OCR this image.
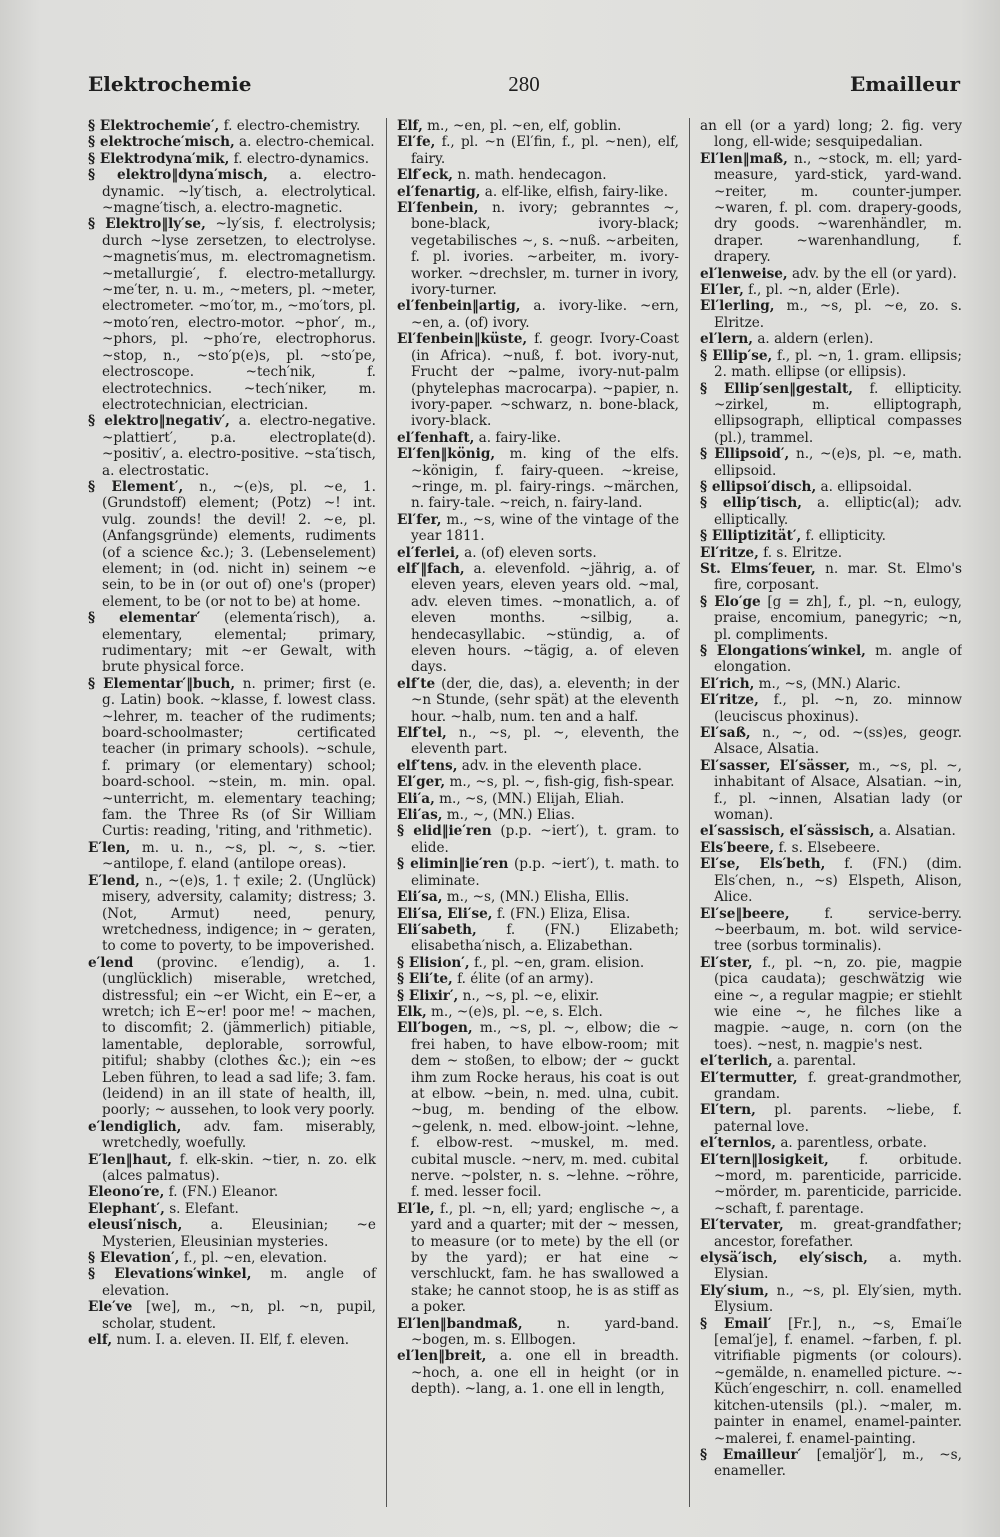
Elektrochemie	280	Emailleur

§ Elektrochemie′, f. electro-chemistry.

§ elektroche′misch, a. electro-chemical.

§ Elektrodyna′mik, f. electro-dynamics.

§ elektro‖dyna′misch, a. electro-dynamic. ~ly′tisch, a. electrolytical. ~magne′tisch, a. electro-magnetic.

§ Elektro‖ly′se, ~ly′sis, f. electrolysis; durch ~lyse zersetzen, to electrolyse. ~magnetis′mus, m. electromagnetism. ~metallurgie′, f. electro-metallurgy. ~me′ter, n. u. m., ~meters, pl. ~meter, electrometer. ~mo′tor, m., ~mo′tors, pl. ~moto′ren, electro-motor. ~phor′, m., ~phors, pl. ~pho′re, electrophorus. ~stop, n., ~sto′p(e)s, pl. ~sto′pe, electroscope. ~tech′nik, f. electrotechnics. ~tech′niker, m. electrotechnician, electrician.

§ elektro‖negativ′, a. electro-negative. ~plattiert′, p.a. electroplate(d). ~positiv′, a. electro-positive. ~sta′tisch, a. electrostatic.

§ Element′, n., ~(e)s, pl. ~e, 1. (Grundstoff) element; (Potz) ~! int. vulg. zounds! the devil! 2. ~e, pl. (Anfangsgründe) elements, rudiments (of a science &c.); 3. (Lebenselement) element; in (od. nicht in) seinem ~e sein, to be in (or out of) one's (proper) element, to be (or not to be) at home.

§ elementar′ (elementa′risch), a. elementary, elemental; primary, rudimentary; mit ~er Gewalt, with brute physical force.

§ Elementar′‖buch, n. primer; first (e. g. Latin) book. ~klasse, f. lowest class. ~lehrer, m. teacher of the rudiments; board-schoolmaster; certificated teacher (in primary schools). ~schule, f. primary (or elementary) school; board-school. ~stein, m. min. opal. ~unterricht, m. elementary teaching; fam. the Three Rs (of Sir William Curtis: reading, 'riting, and 'rithmetic).

E′len, m. u. n., ~s, pl. ~, s. ~tier. ~antilope, f. eland (antilope oreas).

E′lend, n., ~(e)s, 1. † exile; 2. (Unglück) misery, adversity, calamity; distress; 3. (Not, Armut) need, penury, wretchedness, indigence; in ~ geraten, to come to poverty, to be impoverished.

e′lend (provinc. e′lendig), a. 1. (unglücklich) miserable, wretched, distressful; ein ~er Wicht, ein E~er, a wretch; ich E~er! poor me! ~ machen, to discomfit; 2. (jämmerlich) pitiable, lamentable, deplorable, sorrowful, pitiful; shabby (clothes &c.); ein ~es Leben führen, to lead a sad life; 3. fam. (leidend) in an ill state of health, ill, poorly; ~ aussehen, to look very poorly.

e′lendiglich, adv. fam. miserably, wretchedly, woefully.

E′len‖haut, f. elk-skin. ~tier, n. zo. elk (alces palmatus).

Eleono′re, f. (FN.) Eleanor.

Elephant′, s. Elefant.

eleusi′nisch, a. Eleusinian; ~e Mysterien, Eleusinian mysteries.

§ Elevation′, f., pl. ~en, elevation.

§ Elevations′winkel, m. angle of elevation.

Ele′ve [we], m., ~n, pl. ~n, pupil, scholar, student.

elf, num. I. a. eleven. II. Elf, f. eleven.

Elf, m., ~en, pl. ~en, elf, goblin.

El′fe, f., pl. ~n (El′fin, f., pl. ~nen), elf, fairy.

Elf′eck, n. math. hendecagon.

el′fenartig, a. elf-like, elfish, fairy-like.

El′fenbein, n. ivory; gebranntes ~, bone-black, ivory-black; vegetabilisches ~, s. ~nuß. ~arbeiten, f. pl. ivories. ~arbeiter, m. ivory-worker. ~drechsler, m. turner in ivory, ivory-turner.

el′fenbein‖artig, a. ivory-like. ~ern, ~en, a. (of) ivory.

El′fenbein‖küste, f. geogr. Ivory-Coast (in Africa). ~nuß, f. bot. ivory-nut, Frucht der ~palme, ivory-nut-palm (phytelephas macrocarpa). ~papier, n. ivory-paper. ~schwarz, n. bone-black, ivory-black.

el′fenhaft, a. fairy-like.

El′fen‖könig, m. king of the elfs. ~königin, f. fairy-queen. ~kreise, ~ringe, m. pl. fairy-rings. ~märchen, n. fairy-tale. ~reich, n. fairy-land.

El′fer, m., ~s, wine of the vintage of the year 1811.

el′ferlei, a. (of) eleven sorts.

elf′‖fach, a. elevenfold. ~jährig, a. of eleven years, eleven years old. ~mal, adv. eleven times. ~monatlich, a. of eleven months. ~silbig, a. hendecasyllabic. ~stündig, a. of eleven hours. ~tägig, a. of eleven days.

elf′te (der, die, das), a. eleventh; in der ~n Stunde, (sehr spät) at the eleventh hour. ~halb, num. ten and a half.

Elf′tel, n., ~s, pl. ~, eleventh, the eleventh part.

elf′tens, adv. in the eleventh place.

El′ger, m., ~s, pl. ~, fish-gig, fish-spear.

Eli′a, m., ~s, (MN.) Elijah, Eliah.

Eli′as, m., ~, (MN.) Elias.

§ elid‖ie′ren (p.p. ~iert′), t. gram. to elide.

§ elimin‖ie′ren (p.p. ~iert′), t. math. to eliminate.

Eli′sa, m., ~s, (MN.) Elisha, Ellis.

Eli′sa, Eli′se, f. (FN.) Eliza, Elisa.

Eli′sabeth, f. (FN.) Elizabeth; elisabetha′nisch, a. Elizabethan.

§ Elision′, f., pl. ~en, gram. elision.

§ Eli′te, f. élite (of an army).

§ Elixir′, n., ~s, pl. ~e, elixir.

Elk, m., ~(e)s, pl. ~e, s. Elch.

Ell′bogen, m., ~s, pl. ~, elbow; die ~ frei haben, to have elbow-room; mit dem ~ stoßen, to elbow; der ~ guckt ihm zum Rocke heraus, his coat is out at elbow. ~bein, n. med. ulna, cubit. ~bug, m. bending of the elbow. ~gelenk, n. med. elbow-joint. ~lehne, f. elbow-rest. ~muskel, m. med. cubital muscle. ~nerv, m. med. cubital nerve. ~polster, n. s. ~lehne. ~röhre, f. med. lesser focil.

El′le, f., pl. ~n, ell; yard; englische ~, a yard and a quarter; mit der ~ messen, to measure (or to mete) by the ell (or by the yard); er hat eine ~ verschluckt, fam. he has swallowed a stake; he cannot stoop, he is as stiff as a poker.

El′len‖bandmaß,	n. yard-band. ~bogen, m. s. Ellbogen.

el′len‖breit, a. one ell in breadth. ~hoch, a. one ell in height (or in depth). ~lang, a. 1. one ell in length,

an ell (or a yard) long; 2. fig. very long, ell-wide; sesquipedalian.

El′len‖maß, n., ~stock, m. ell; yard-measure, yard-stick, yard-wand. ~reiter, m. counter-jumper. ~waren, f. pl. com. drapery-goods, dry goods. ~warenhändler, m. draper. ~warenhandlung, f. drapery.

el′lenweise, adv. by the ell (or yard).

El′ler, f., pl. ~n, alder (Erle).

El′lerling, m., ~s, pl. ~e, zo. s. Elritze.

el′lern, a. aldern (erlen).

§ Ellip′se, f., pl. ~n, 1. gram. ellipsis; 2. math. ellipse (or ellipsis).

§ Ellip′sen‖gestalt, f. ellipticity. ~zirkel, m. elliptograph, ellipsograph, elliptical compasses (pl.), trammel.

§ Ellipsoid′, n., ~(e)s, pl. ~e, math. ellipsoid.

§ ellipsoi′disch, a. ellipsoidal.

§ ellip′tisch, a. elliptic(al); adv. elliptically.

§ Elliptizität′, f. ellipticity.

El′ritze, f. s. Elritze.

St. Elms′feuer, n. mar. St. Elmo's fire, corposant.

§ Elo′ge [g = zh], f., pl. ~n, eulogy, praise, encomium, panegyric; ~n, pl. compliments.

§ Elongations′winkel, m. angle of elongation.

El′rich, m., ~s, (MN.) Alaric.

El′ritze, f., pl. ~n, zo. minnow (leuciscus phoxinus).

El′saß, n., ~, od. ~(ss)es, geogr. Alsace, Alsatia.

El′sasser, El′sässer, m., ~s, pl. ~, inhabitant of Alsace, Alsatian. ~in, f., pl. ~innen, Alsatian lady (or woman).

el′sassisch, el′sässisch, a. Alsatian.

Els′beere, f. s. Elsebeere.

El′se, Els′beth, f. (FN.) (dim. Els′chen, n., ~s) Elspeth, Alison, Alice.

El′se‖beere,	f. service-berry. ~beerbaum, m. bot. wild service-tree (sorbus torminalis).

El′ster, f., pl. ~n, zo. pie, magpie (pica caudata); geschwätzig wie eine ~, a regular magpie; er stiehlt wie eine ~, he filches like a magpie. ~auge, n. corn (on the toes). ~nest, n. magpie's nest.

el′terlich, a. parental.

El′termutter, f. great-grandmother, grandam.

El′tern, pl. parents. ~liebe, f. paternal love.

el′ternlos, a. parentless, orbate.

El′tern‖losigkeit, f. orbitude. ~mord, m. parenticide, parricide. ~mörder, m. parenticide, parricide. ~schaft, f. parentage.

El′tervater, m. great-grandfather; ancestor, forefather.

elysä′isch, ely′sisch, a. myth. Elysian.

Ely′sium, n., ~s, pl. Ely′sien, myth. Elysium.

§ Email′ [Fr.], n., ~s, Emai′le [emal′je], f. enamel. ~farben, f. pl. vitrifiable pigments (or colours). ~gemälde, n. enamelled picture. ~-Küch′engeschirr, n. coll. enamelled kitchen-utensils (pl.). ~maler, m. painter in enamel, enamel-painter. ~malerei, f. enamel-painting.

§ Emailleur′ [emaljör′], m., ~s, enameller.
